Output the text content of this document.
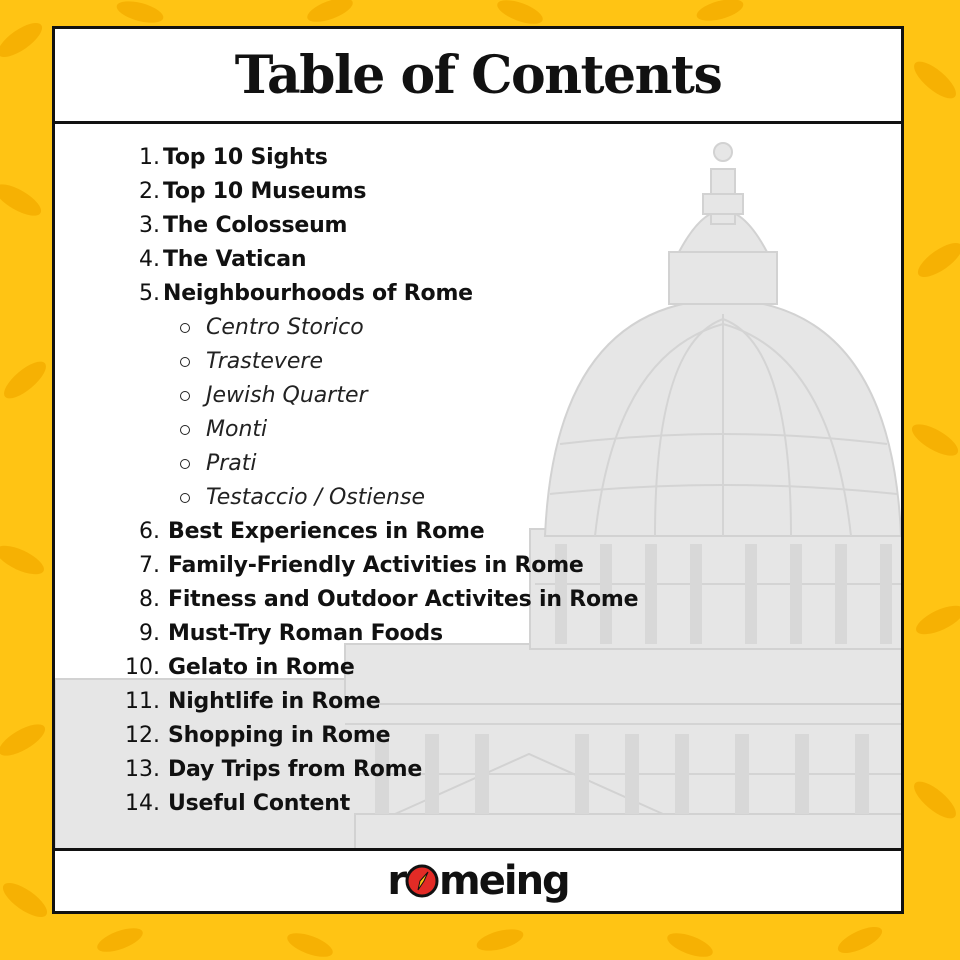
Table of Contents
1. Top 10 Sights
2. Top 10 Museums
3. The Colosseum
4. The Vatican
5. Neighbourhoods of Rome
Centro Storico
Trastevere
Jewish Quarter
Monti
Prati
Testaccio / Ostiense
6. Best Experiences in Rome
7. Family-Friendly Activities in Rome
8. Fitness and Outdoor Activites in Rome
9. Must-Try Roman Foods
10. Gelato in Rome
11. Nightlife in Rome
12. Shopping in Rome
13. Day Trips from Rome
14. Useful Content
r meing
